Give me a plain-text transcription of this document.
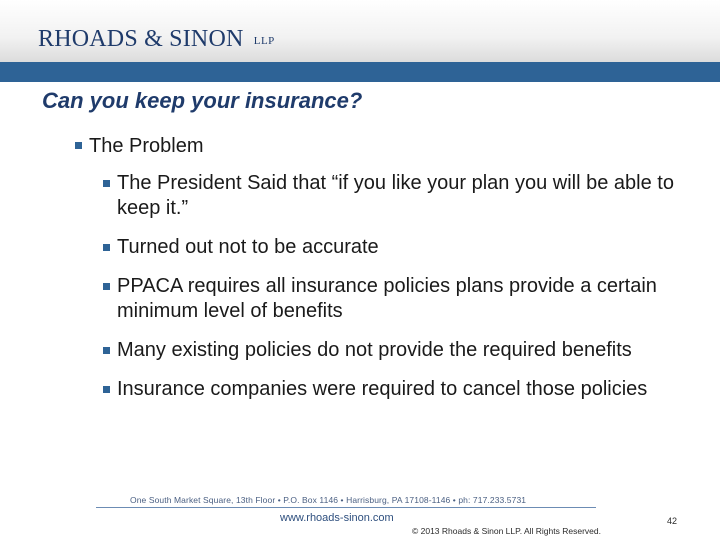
RHOADS & SINON LLP
Can you keep your insurance?
The Problem
The President Said that “if you like your plan you will be able to keep it.”
Turned out not to be accurate
PPACA requires all insurance policies plans provide a certain minimum level of benefits
Many existing policies do not provide the required benefits
Insurance companies were required to cancel those policies
One South Market Square, 13th Floor • P.O. Box 1146 • Harrisburg, PA 17108-1146 • ph: 717.233.5731
www.rhoads-sinon.com
© 2013 Rhoads & Sinon LLP. All Rights Reserved.
42
